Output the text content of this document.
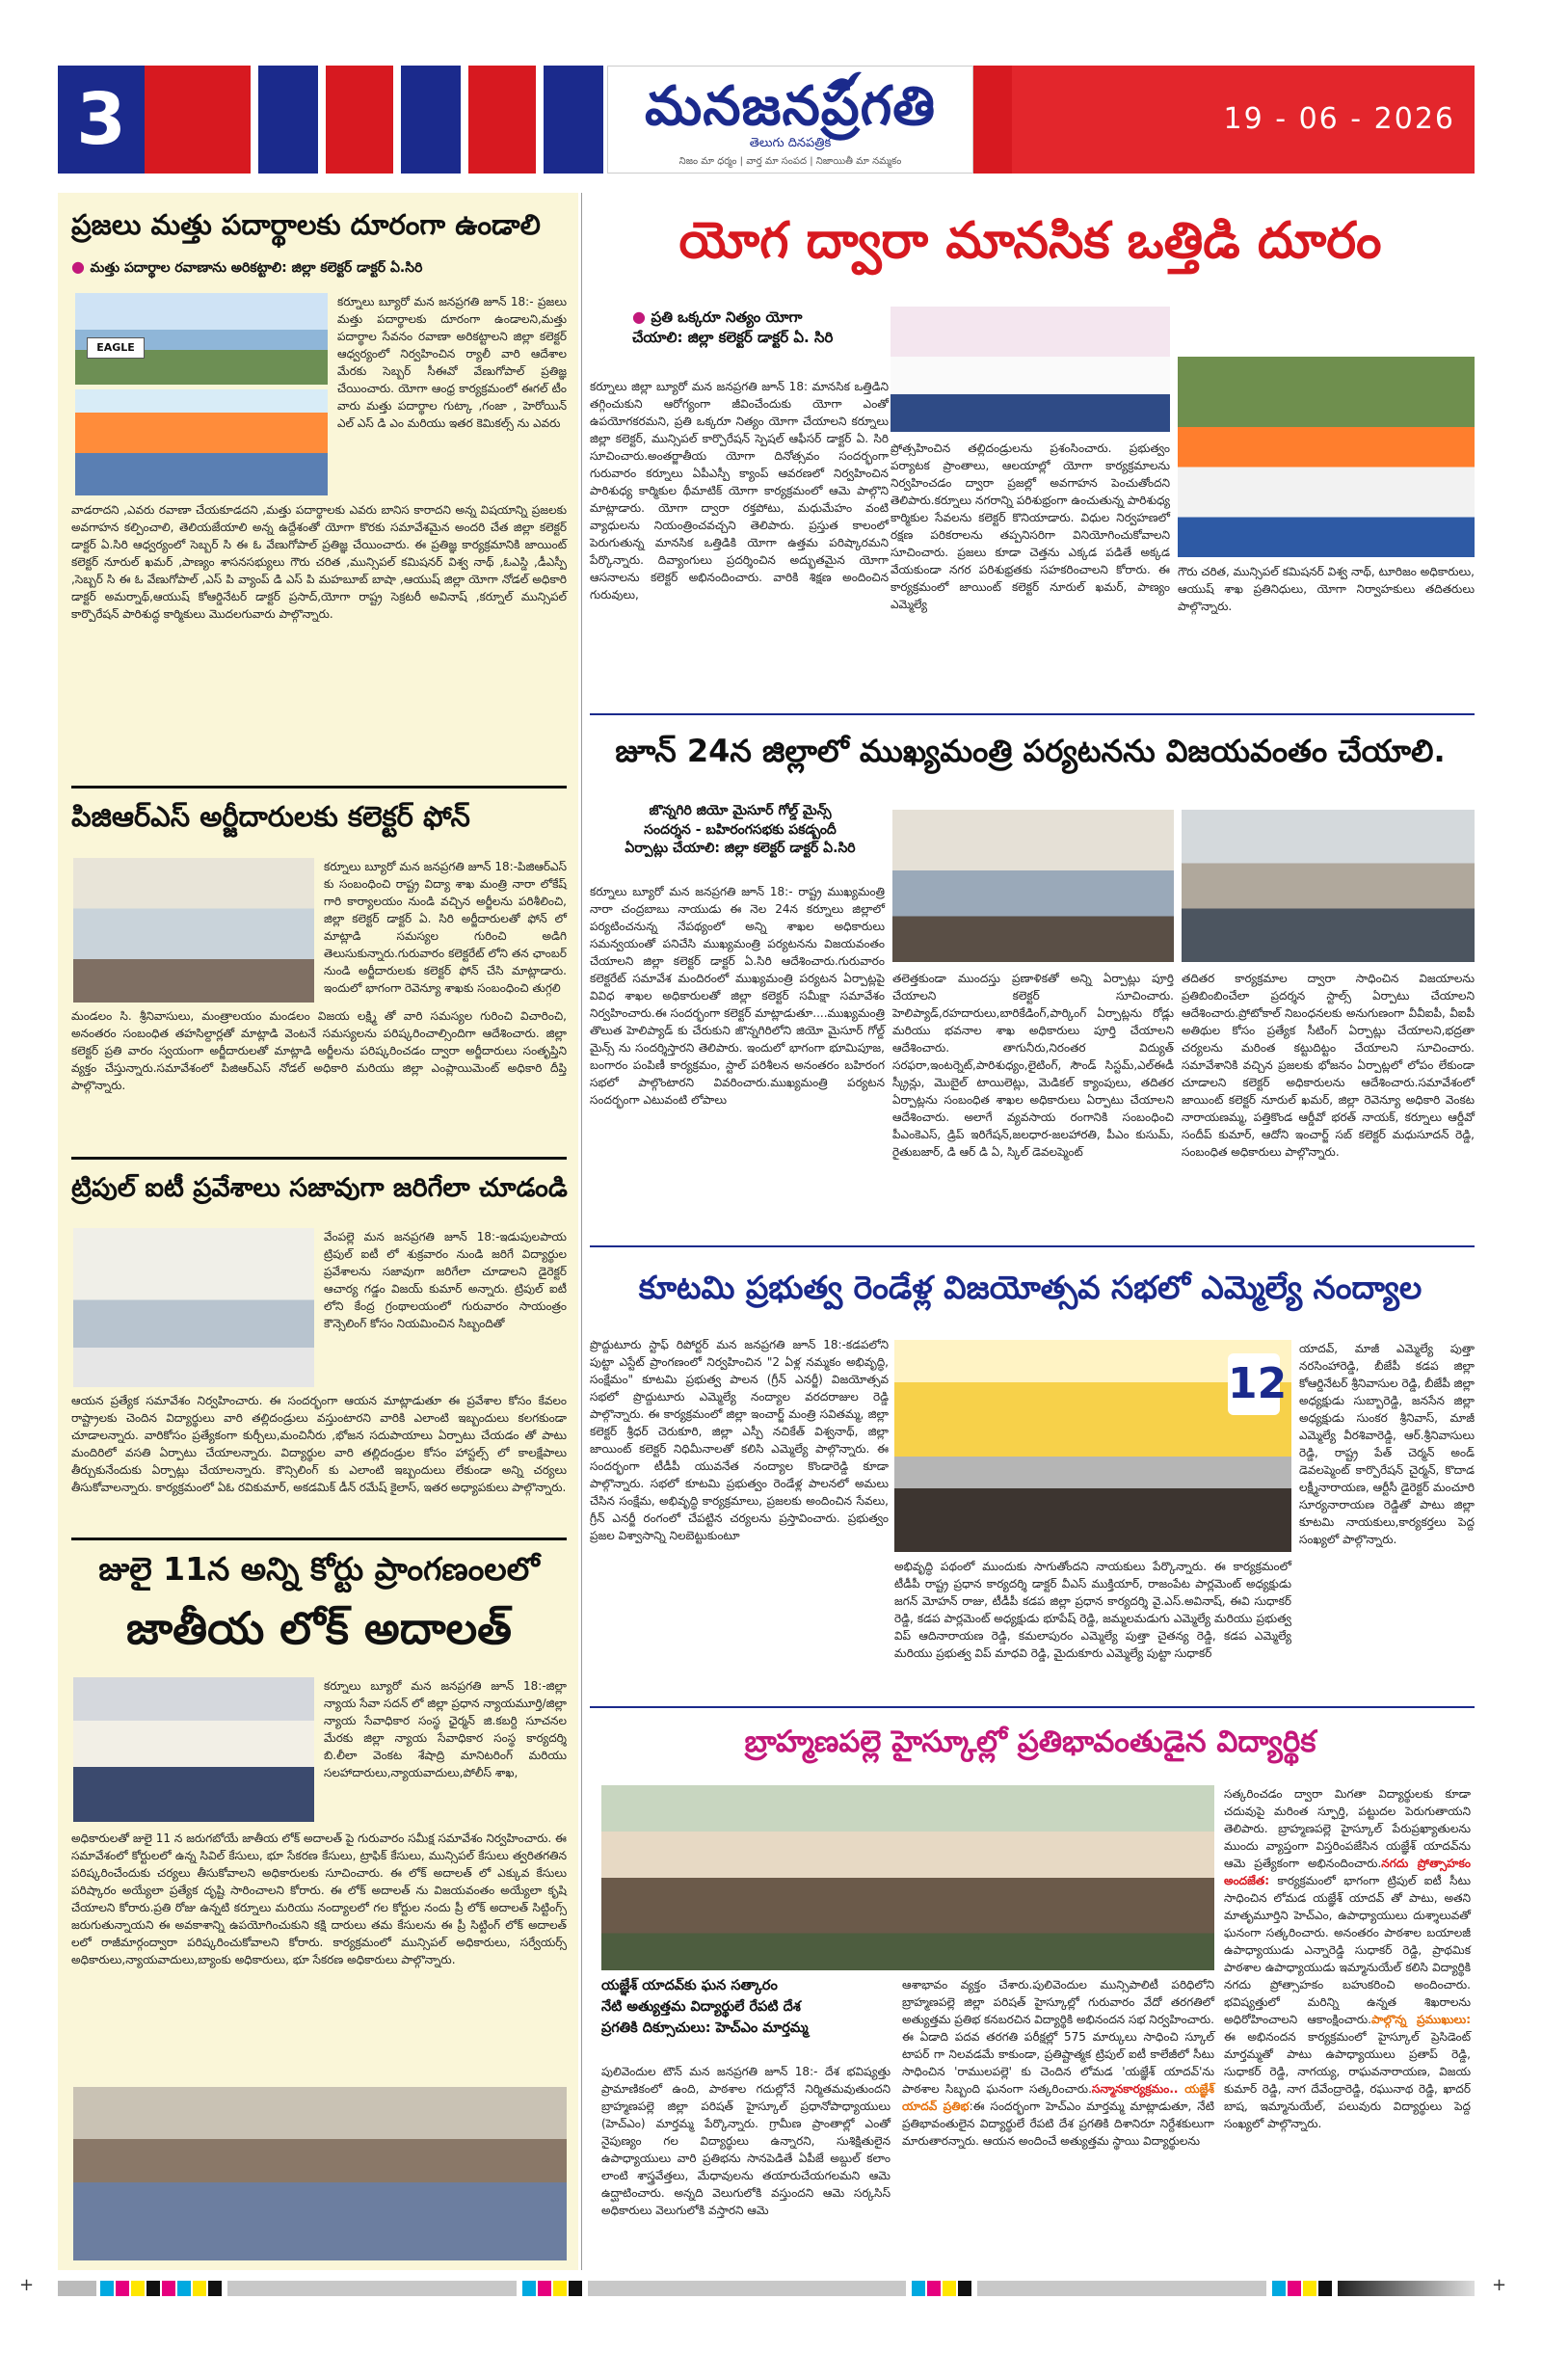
3	మనజనప్రగతి
తెలుగు దినపత్రిక
నిజం మా ధర్మం | వార్త మా సంపద | నిజాయితీ మా నమ్మకం
19 - 06 - 2026
ప్రజలు మత్తు పదార్థాలకు దూరంగా ఉండాలి
● మత్తు పదార్థాల రవాణాను అరికట్టాలి: జిల్లా కలెక్టర్ డాక్టర్ ఏ.సిరి
EAGLE
కర్నూలు బ్యూరో మన జనప్రగతి జూన్ 18:- ప్రజలు మత్తు పదార్థాలకు దూరంగా ఉండాలని,మత్తు పదార్థాల సేవనం రవాణా అరికట్టాలని జిల్లా కలెక్టర్ ఆధ్వర్యంలో నిర్వహించిన ర్యాలీ వారి ఆదేశాల మేరకు సెబ్బర్ సీఈవో వేణుగోపాల్ ప్రతిజ్ఞ చేయించారు. యోగా ఆంధ్ర కార్యక్రమంలో ఈగల్ టీం వారు మత్తు పదార్థాల గుట్కా ,గంజా , హెరోయిన్ ఎల్ ఎస్ డి ఎం మరియు ఇతర కెమికల్స్ ను ఎవరు
వాడరాదని ,ఎవరు రవాణా చేయకూడదని ,మత్తు పదార్థాలకు ఎవరు బానిస కారాదని అన్న విషయాన్ని ప్రజలకు అవగాహన కల్పించాలి, తెలియజేయాలి అన్న ఉద్దేశంతో యోగా కొరకు సమావేశమైన అందరి చేత జిల్లా కలెక్టర్ డాక్టర్ ఏ.సిరి ఆధ్వర్యంలో సెబ్బర్ సి ఈ ఓ వేణుగోపాల్ ప్రతిజ్ఞ చేయించారు. ఈ ప్రతిజ్ఞ కార్యక్రమానికి జాయింట్ కలెక్టర్ నూరుల్ ఖమర్ ,పాణ్యం శాసనసభ్యులు గౌరు చరిత ,మున్సిపల్ కమిషనర్ విశ్వ నాథ్ ,ఓఎస్డి ,డీఎస్పీ ,సెబ్బర్ సి ఈ ఓ వేణుగోపాల్ ,ఎస్ పి వ్యాంప్ డి ఎస్ పి మహబూబ్ బాషా ,ఆయుష్ జిల్లా యోగా నోడల్ అధికారి డాక్టర్ అమర్నాథ్,ఆయుష్ కోఆర్డినేటర్ డాక్టర్ ప్రసాద్,యోగా రాష్ట్ర సెక్రటరీ అవినాష్ ,కర్నూల్ మున్సిపల్ కార్పొరేషన్ పారిశుద్ధ కార్మికులు మొదలగువారు పాల్గొన్నారు.
పిజిఆర్ఎస్ అర్జీదారులకు కలెక్టర్ ఫోన్
కర్నూలు బ్యూరో మన జనప్రగతి జూన్ 18:-పిజిఆర్ఎస్ కు సంబంధించి రాష్ట్ర విద్యా శాఖ మంత్రి నారా లోకేష్ గారి కార్యాలయం నుండి వచ్చిన అర్జీలను పరిశీలించి, జిల్లా కలెక్టర్ డాక్టర్ ఏ. సిరి అర్జీదారులతో ఫోన్ లో మాట్లాడి సమస్యల గురించి అడిగి తెలుసుకున్నారు.గురువారం కలెక్టరేట్ లోని తన ఛాంబర్ నుండి అర్జీదారులకు కలెక్టర్ ఫోన్ చేసి మాట్లాడారు. ఇందులో భాగంగా రెవెన్యూ శాఖకు సంబంధించి తుగ్గలి
మండలం సి. శ్రీనివాసులు, మంత్రాలయం మండలం విజయ లక్ష్మి తో వారి సమస్యల గురించి విచారించి, అనంతరం సంబంధిత తహసిల్దార్లతో మాట్లాడి వెంటనే సమస్యలను పరిష్కరించాల్సిందిగా ఆదేశించారు. జిల్లా కలెక్టర్ ప్రతి వారం స్వయంగా అర్జీదారులతో మాట్లాడి అర్జీలను పరిష్కరించడం ద్వారా అర్జీదారులు సంతృప్తిని వ్యక్తం చేస్తున్నారు.సమావేశంలో పిజిఆర్ఎస్ నోడల్ అధికారి మరియు జిల్లా ఎంప్లాయిమెంట్ అధికారి దీప్తి పాల్గొన్నారు.
ట్రిపుల్ ఐటీ ప్రవేశాలు సజావుగా జరిగేలా చూడండి
వేంపల్లె మన జనప్రగతి జూన్ 18:-ఇడుపులపాయ ట్రిపుల్ ఐటీ లో శుక్రవారం నుండి జరిగే విద్యార్థుల ప్రవేశాలను సజావుగా జరిగేలా చూడాలని డైరెక్టర్ ఆచార్య గడ్డం విజయ్ కుమార్ అన్నారు. ట్రిపుల్ ఐటీ లోని కేంద్ర గ్రంథాలయంలో గురువారం సాయంత్రం కౌన్సెలింగ్ కోసం నియమించిన సిబ్బందితో
ఆయన ప్రత్యేక సమావేశం నిర్వహించారు. ఈ సందర్భంగా ఆయన మాట్లాడుతూ ఈ ప్రవేశాల కోసం కేవలం రాష్ట్రాలకు చెందిన విద్యార్థులు వారి తల్లిదండ్రులు వస్తుంటారని వారికి ఎలాంటి ఇబ్బందులు కలగకుండా చూడాలన్నారు. వారికోసం ప్రత్యేకంగా కుర్చీలు,మంచినీరు ,భోజన సదుపాయాలు ఏర్పాటు చేయడం తో పాటు మందిరిలో వసతి ఏర్పాటు చేయాలన్నారు. విద్యార్థుల వారి తల్లిదండ్రుల కోసం హాస్టల్స్ లో కాలక్షేపాలు తీర్చుకునేందుకు ఏర్పాట్లు చేయాలన్నారు. కౌన్సిలింగ్ కు ఎలాంటి ఇబ్బందులు లేకుండా అన్ని చర్యలు తీసుకోవాలన్నారు. కార్యక్రమంలో ఏఓ రవికుమార్, అకడమిక్ డీన్ రమేష్ కైలాస్, ఇతర అధ్యాపకులు పాల్గొన్నారు.
జులై 11న అన్ని కోర్టు ప్రాంగణంలలో
జాతీయ లోక్ అదాలత్
కర్నూలు బ్యూరో మన జనప్రగతి జూన్ 18:-జిల్లా న్యాయ సేవా సదన్ లో జిల్లా ప్రధాన న్యాయమూర్తి/జిల్లా న్యాయ సేవాధికార సంస్థ ఛైర్మన్ జి.కబర్ది సూచనల మేరకు జిల్లా న్యాయ సేవాధికార సంస్థ కార్యదర్శి బి.లీలా వెంకట శేషాద్రి మానిటరింగ్ మరియు సలహాదారులు,న్యాయవాదులు,పోలీస్ శాఖ,
అధికారులతో జులై 11 న జరుగబోయే జాతీయ లోక్ అదాలత్ పై గురువారం సమీక్ష సమావేశం నిర్వహించారు. ఈ సమావేశంలో కోర్టులలో ఉన్న సివిల్ కేసులు, భూ సేకరణ కేసులు, ట్రాఫిక్ కేసులు, మున్సిపల్ కేసులు త్వరితగతిన పరిష్కరించేందుకు చర్యలు తీసుకోవాలని అధికారులకు సూచించారు. ఈ లోక్ అదాలత్ లో ఎక్కువ కేసులు పరిష్కారం అయ్యేలా ప్రత్యేక దృష్టి సారించాలని కోరారు. ఈ లోక్ అదాలత్ ను విజయవంతం అయ్యేలా కృషి చేయాలని కోరారు.ప్రతి రోజు ఉన్నటి కర్నూలు మరియు నంద్యాలలో గల కోర్టుల నందు ప్రీ లోక్ అదాలత్ సిట్టింగ్స్ జరుగుతున్నాయని ఈ అవకాశాన్ని ఉపయోగించుకుని కక్షి దారులు తమ కేసులను ఈ ప్రీ సిట్టింగ్ లోక్ అదాలత్ లలో రాజీమార్గంద్వారా పరిష్కరించుకోవాలని కోరారు. కార్యక్రమంలో మున్సిపల్ అధికారులు, సర్వేయర్స్ అధికారులు,న్యాయవాదులు,బ్యాంకు అధికారులు, భూ సేకరణ అధికారులు పాల్గొన్నారు.
యోగ ద్వారా మానసిక ఒత్తిడి దూరం
● ప్రతి ఒక్కరూ నిత్యం యోగా
చేయాలి: జిల్లా కలెక్టర్ డాక్టర్ ఏ. సిరి
కర్నూలు జిల్లా బ్యూరో మన జనప్రగతి జూన్ 18: మానసిక ఒత్తిడిని తగ్గించుకుని ఆరోగ్యంగా జీవించేందుకు యోగా ఎంతో ఉపయోగకరమని, ప్రతి ఒక్కరూ నిత్యం యోగా చేయాలని కర్నూలు జిల్లా కలెక్టర్, మున్సిపల్ కార్పొరేషన్ స్పెషల్ ఆఫీసర్ డాక్టర్ ఏ. సిరి సూచించారు.అంతర్జాతీయ యోగా దినోత్సవం సందర్భంగా గురువారం కర్నూలు ఏపీఎస్పీ క్యాంప్ ఆవరణలో నిర్వహించిన పారిశుధ్య కార్మికుల థీమాటిక్ యోగా కార్యక్రమంలో ఆమె పాల్గొని మాట్లాడారు. యోగా ద్వారా రక్తపోటు, మధుమేహం వంటి వ్యాధులను నియంత్రించవచ్చని తెలిపారు. ప్రస్తుత కాలంలో పెరుగుతున్న మానసిక ఒత్తిడికి యోగా ఉత్తమ పరిష్కారమని పేర్కొన్నారు. దివ్యాంగులు ప్రదర్శించిన అద్భుతమైన యోగా ఆసనాలను కలెక్టర్ అభినందించారు. వారికి శిక్షణ అందించిన గురువులు,
ప్రోత్సహించిన తల్లిదండ్రులను ప్రశంసించారు. ప్రభుత్వం పర్యాటక ప్రాంతాలు, ఆలయాల్లో యోగా కార్యక్రమాలను నిర్వహించడం ద్వారా ప్రజల్లో అవగాహన పెంచుతోందని తెలిపారు.కర్నూలు నగరాన్ని పరిశుభ్రంగా ఉంచుతున్న పారిశుధ్య కార్మికుల సేవలను కలెక్టర్ కొనియాడారు. విధుల నిర్వహణలో రక్షణ పరికరాలను తప్పనిసరిగా వినియోగించుకోవాలని సూచించారు. ప్రజలు కూడా చెత్తను ఎక్కడ పడితే అక్కడ వేయకుండా నగర పరిశుభ్రతకు సహకరించాలని కోరారు. ఈ కార్యక్రమంలో జాయింట్ కలెక్టర్ నూరుల్ ఖమర్, పాణ్యం ఎమ్మెల్యే
గౌరు చరిత, మున్సిపల్ కమిషనర్ విశ్వ నాథ్, టూరిజం అధికారులు, ఆయుష్ శాఖ ప్రతినిధులు, యోగా నిర్వాహకులు తదితరులు పాల్గొన్నారు.
జూన్ 24న జిల్లాలో ముఖ్యమంత్రి పర్యటనను విజయవంతం చేయాలి.
జొన్నగిరి జియో మైసూర్ గోల్డ్ మైన్స్
సందర్శన - బహిరంగసభకు పకడ్బందీ
ఏర్పాట్లు చేయాలి: జిల్లా కలెక్టర్ డాక్టర్ ఏ.సిరి
కర్నూలు బ్యూరో మన జనప్రగతి జూన్ 18:- రాష్ట్ర ముఖ్యమంత్రి నారా చంద్రబాబు నాయుడు ఈ నెల 24న కర్నూలు జిల్లాలో పర్యటించనున్న నేపథ్యంలో అన్ని శాఖల అధికారులు సమన్వయంతో పనిచేసి ముఖ్యమంత్రి పర్యటనను విజయవంతం చేయాలని జిల్లా కలెక్టర్ డాక్టర్ ఏ.సిరి ఆదేశించారు.గురువారం కలెక్టరేట్ సమావేశ మందిరంలో ముఖ్యమంత్రి పర్యటన ఏర్పాట్లపై వివిధ శాఖల అధికారులతో జిల్లా కలెక్టర్ సమీక్షా సమావేశం నిర్వహించారు.ఈ సందర్భంగా కలెక్టర్ మాట్లాడుతూ....ముఖ్యమంత్రి తొలుత హెలిప్యాడ్ కు చేరుకుని జొన్నగిరిలోని జియో మైసూర్ గోల్డ్ మైన్స్ ను సందర్శిస్తారని తెలిపారు. ఇందులో భాగంగా భూమిపూజ, బంగారం పంపిణీ కార్యక్రమం, స్టాల్ పరిశీలన అనంతరం బహిరంగ సభలో పాల్గొంటారని వివరించారు.ముఖ్యమంత్రి పర్యటన సందర్భంగా ఎటువంటి లోపాలు
తలెత్తకుండా ముందస్తు ప్రణాళికతో అన్ని ఏర్పాట్లు పూర్తి చేయాలని కలెక్టర్ సూచించారు. హెలిప్యాడ్,రహదారులు,బారికేడింగ్,పార్కింగ్ ఏర్పాట్లను రోడ్లు మరియు భవనాల శాఖ అధికారులు పూర్తి చేయాలని ఆదేశించారు. తాగునీరు,నిరంతర విద్యుత్ సరఫరా,ఇంటర్నెట్,పారిశుధ్యం,లైటింగ్, సౌండ్ సిస్టమ్,ఎల్ఈడీ స్క్రీన్లు, మొబైల్ టాయిలెట్లు, మెడికల్ క్యాంపులు, తదితర ఏర్పాట్లను సంబంధిత శాఖల అధికారులు ఏర్పాటు చేయాలని ఆదేశించారు. అలాగే వ్యవసాయ రంగానికి సంబంధించి పీఎంకెఎస్, డ్రిప్ ఇరిగేషన్,జలధార-జలహారతి, పీఎం కుసుమ్, రైతుబజార్, డి ఆర్ డి ఏ, స్కిల్ డెవలప్మెంట్
తదితర కార్యక్రమాల ద్వారా సాధించిన విజయాలను ప్రతిబింబించేలా ప్రదర్శన స్టాల్స్ ఏర్పాటు చేయాలని ఆదేశించారు.ప్రోటోకాల్ నిబంధనలకు అనుగుణంగా వీవీఐపీ, వీఐపీ అతిథుల కోసం ప్రత్యేక సీటింగ్ ఏర్పాట్లు చేయాలని,భద్రతా చర్యలను మరింత కట్టుదిట్టం చేయాలని సూచించారు. సమావేశానికి వచ్చిన ప్రజలకు భోజనం ఏర్పాట్లలో లోపం లేకుండా చూడాలని కలెక్టర్ అధికారులను ఆదేశించారు.సమావేశంలో జాయింట్ కలెక్టర్ నూరుల్ ఖమర్, జిల్లా రెవెన్యూ అధికారి వెంకట నారాయణమ్మ, పత్తికొండ ఆర్డీవో భరత్ నాయక్, కర్నూలు ఆర్డీవో సందీప్ కుమార్, ఆదోని ఇంచార్జ్ సబ్ కలెక్టర్ మధుసూదన్ రెడ్డి, సంబంధిత అధికారులు పాల్గొన్నారు.
కూటమి ప్రభుత్వ రెండేళ్ల విజయోత్సవ సభలో ఎమ్మెల్యే నంద్యాల
ప్రొద్దుటూరు స్టాఫ్ రిపోర్టర్ మన జనప్రగతి జూన్ 18:-కడపలోని పుట్టా ఎస్టేట్ ప్రాంగణంలో నిర్వహించిన "2 ఏళ్ల నమ్మకం అభివృద్ధి, సంక్షేమం" కూటమి ప్రభుత్వ పాలన (గ్రీన్ ఎనర్జీ) విజయోత్సవ సభలో ప్రొద్దుటూరు ఎమ్మెల్యే నంద్యాల వరదరాజుల రెడ్డి పాల్గొన్నారు. ఈ కార్యక్రమంలో జిల్లా ఇంచార్జ్ మంత్రి సవితమ్మ, జిల్లా కలెక్టర్ శ్రీధర్ చెరుకూరి, జిల్లా ఎస్పీ నచికేత్ విశ్వనాథ్, జిల్లా జాయింట్ కలెక్టర్ నిధిమీనాలతో కలిసి ఎమ్మెల్యే పాల్గొన్నారు. ఈ సందర్భంగా టీడీపీ యువనేత నంద్యాల కొండారెడ్డి కూడా పాల్గొన్నారు. సభలో కూటమి ప్రభుత్వం రెండేళ్ల పాలనలో అమలు చేసిన సంక్షేమ, అభివృద్ధి కార్యక్రమాలు, ప్రజలకు అందించిన సేవలు, గ్రీన్ ఎనర్జీ రంగంలో చేపట్టిన చర్యలను ప్రస్తావించారు. ప్రభుత్వం ప్రజల విశ్వాసాన్ని నిలబెట్టుకుంటూ
12
అభివృద్ధి పథంలో ముందుకు సాగుతోందని నాయకులు పేర్కొన్నారు. ఈ కార్యక్రమంలో టీడీపీ రాష్ట్ర ప్రధాన కార్యదర్శి డాక్టర్ వీఎస్ ముక్తియార్, రాజంపేట పార్లమెంట్ అధ్యక్షుడు జగన్ మోహన్ రాజు, టీడీపీ కడప జిల్లా ప్రధాన కార్యదర్శి వై.ఎస్.అవినాష్, ఈవి సుధాకర్ రెడ్డి, కడప పార్లమెంట్ అధ్యక్షుడు భూపేష్ రెడ్డి, జమ్మలమడుగు ఎమ్మెల్యే మరియు ప్రభుత్వ విప్ ఆదినారాయణ రెడ్డి, కమలాపురం ఎమ్మెల్యే పుత్తా చైతన్య రెడ్డి, కడప ఎమ్మెల్యే మరియు ప్రభుత్వ విప్ మాధవి రెడ్డి, మైదుకూరు ఎమ్మెల్యే పుట్టా సుధాకర్
యాదవ్, మాజీ ఎమ్మెల్యే పుత్తా నరసింహారెడ్డి, బీజేపీ కడప జిల్లా కోఆర్డినేటర్ శ్రీనివాసుల రెడ్డి, బీజేపీ జిల్లా అధ్యక్షుడు సుబ్బారెడ్డి, జనసేన జిల్లా అధ్యక్షుడు సుంకర శ్రీనివాస్, మాజీ ఎమ్మెల్యే వీరశివారెడ్డి, ఆర్.శ్రీనివాసులు రెడ్డి, రాష్ట్ర పేత్ చెర్మన్ అండ్ డెవలప్మెంట్ కార్పొరేషన్ చైర్మన్, కొదాడ లక్ష్మీనారాయణ, ఆర్టీసీ డైరెక్టర్ మంచూరి సూర్యనారాయణ రెడ్డితో పాటు జిల్లా కూటమి నాయకులు,కార్యకర్తలు పెద్ద సంఖ్యలో పాల్గొన్నారు.
బ్రాహ్మణపల్లె హైస్కూల్లో ప్రతిభావంతుడైన విద్యార్థిక
యజ్ఞేశ్ యాదవ్‌కు ఘన సత్కారం
నేటి అత్యుత్తమ విద్యార్థులే రేపటి దేశ
ప్రగతికి దిక్సూచులు: హెచ్ఎం మార్తమ్మ
పులివెందుల టౌన్ మన జనప్రగతి జూన్ 18:- దేశ భవిష్యత్తు ప్రామాణికంలో ఉంది, పాఠశాల గదుల్లోనే నిర్మితమవుతుందని బ్రాహ్మణపల్లె జిల్లా పరిషత్ హైస్కూల్ ప్రధానోపాధ్యాయులు (హెచ్ఎం) మార్తమ్మ పేర్కొన్నారు. గ్రామీణ ప్రాంతాల్లో ఎంతో నైపుణ్యం గల విద్యార్థులు ఉన్నారని, సుశిక్షితులైన ఉపాధ్యాయులు వారి ప్రతిభను సానపెడితే ఏపీజే అబ్దుల్ కలాం లాంటి శాస్త్రవేత్తలు, మేధావులను తయారుచేయగలమని ఆమె ఉద్ఘాటించారు. అన్నది వెలుగులోకి వస్తుందని ఆమె సర్కసిస్ అధికారులు వెలుగులోకి వస్తారని ఆమె
ఆశాభావం వ్యక్తం చేశారు.పులివెందుల మున్సిపాలిటీ పరిధిలోని బ్రాహ్మణపల్లె జిల్లా పరిషత్ హైస్కూల్లో గురువారం వేదో తరగతిలో అత్యుత్తమ ప్రతిభ కనబరచిన విద్యార్థికి అభినందన సభ నిర్వహించారు. ఈ ఏడాది పదవ తరగతి పరీక్షల్లో 575 మార్కులు సాధించి స్కూల్ టాపర్ గా నిలవడమే కాకుండా, ప్రతిష్టాత్మక ట్రిపుల్ ఐటీ కాలేజీలో సీటు సాధించిన 'రాములపల్లె' కు చెందిన లోమడ 'యజ్ఞేశ్ యాదవ్'ను పాఠశాల సిబ్బంది ఘనంగా సత్కరించారు.సన్మానకార్యక్రమం.. యజ్ఞేశ్ యాదవ్ ప్రతిభ:ఈ సందర్భంగా హెచ్ఎం మార్తమ్మ మాట్లాడుతూ, నేటి ప్రతిభావంతులైన విద్యార్థులే రేపటి దేశ ప్రగతికి దిశానిరూ నిర్దేశకులుగా మారుతారన్నారు. ఆయన అందించే అత్యుత్తమ స్థాయి విద్యార్థులను
సత్కరించడం ద్వారా మిగతా విద్యార్థులకు కూడా చదువుపై మరింత స్ఫూర్తి, పట్టుదల పెరుగుతాయని తెలిపారు. బ్రాహ్మణపల్లె హైస్కూల్ పేరుప్రఖ్యాతులను ముందు వ్యాప్తంగా విస్తరింపజేసిన యజ్ఞేశ్ యాదవ్‌ను ఆమె ప్రత్యేకంగా అభినందించారు.నగదు ప్రోత్సాహకం అందజేత: కార్యక్రమంలో భాగంగా ట్రిపుల్ ఐటీ సీటు సాధించిన లోమడ యజ్ఞేశ్ యాదవ్ తో పాటు, అతని మాతృమూర్తిని హెచ్ఎం, ఉపాధ్యాయులు దుశ్శాలువతో ఘనంగా సత్కరించారు. అనంతరం పాఠశాల బయాలజీ ఉపాధ్యాయుడు ఎన్నారెడ్డి సుధాకర్ రెడ్డి, ప్రాథమిక పాఠశాల ఉపాధ్యాయుడు ఇమ్మానుయేల్ కలిసి విద్యార్థికి నగదు ప్రోత్సాహకం బహుకరించి అందించారు. భవిష్యత్తులో మరిన్ని ఉన్నత శిఖరాలను అధిరోహించాలని ఆకాంక్షించారు.పాల్గొన్న ప్రముఖులు: ఈ అభినందన కార్యక్రమంలో హైస్కూల్ ప్రెసిడెంట్ మార్తమ్మతో పాటు ఉపాధ్యాయులు ప్రతాప్ రెడ్డి, సుధాకర్ రెడ్డి, నాగయ్య, రాఘవనారాయణ, విజయ కుమార్ రెడ్డి, నాగ దేవేంద్రారెడ్డి, రఘునాథ రెడ్డి, ఖాదర్ బాష, ఇమ్మానుయేల్, పలువురు విద్యార్థులు పెద్ద సంఖ్యలో పాల్గొన్నారు.
+	+
